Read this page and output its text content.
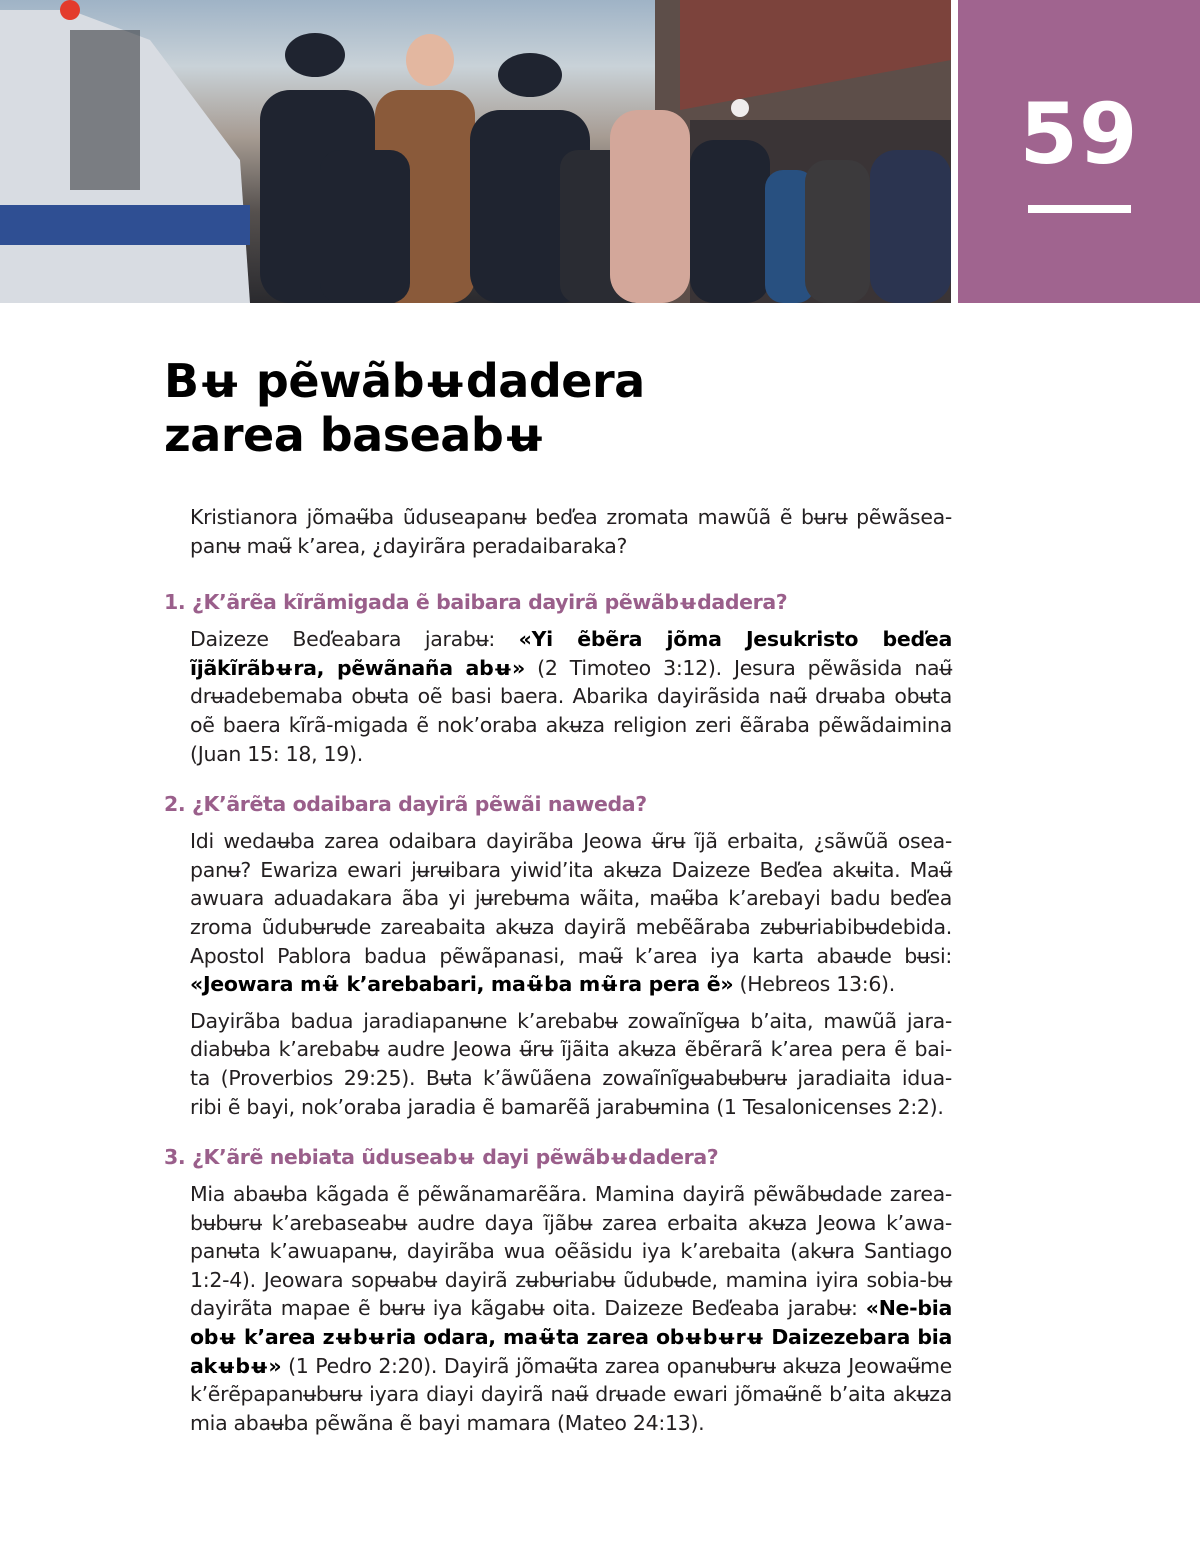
59
Bʉ pẽwãbʉdadera
zarea baseabʉ

Kristianora jõmaʉ̃ba ũduseapanʉ beďea zromata mawũã ẽ bʉrʉ pẽwãsea-panʉ maʉ̃ k’area, ¿dayirãra peradaibaraka?

1. ¿K’ãrẽa kĩrãmigada ẽ baibara dayirã pẽwãbʉdadera?

Daizeze Beďeabara jarabʉ: «Yi ẽbẽra jõma Jesukristo beďea ĩjãkĩrãbʉra, pẽwãnaña abʉ» (2 Timoteo 3:12). Jesura pẽwãsida naʉ̃ drʉadebemaba obʉta oẽ basi baera. Abarika dayirãsida naʉ̃ drʉaba obʉta oẽ baera kĩrã-migada ẽ nok’oraba akʉza religion zeri ẽãraba pẽwãdaimina (Juan 15: 18, 19).

2. ¿K’ãrẽta odaibara dayirã pẽwãi naweda?

Idi wedaʉba zarea odaibara dayirãba Jeowa ʉ̃rʉ ĩjã erbaita, ¿sãwũã osea-panʉ? Ewariza ewari jʉrʉibara yiwid’ita akʉza Daizeze Beďea akʉita. Maʉ̃ awuara aduadakara ãba yi jʉrebʉma wãita, maʉ̃ba k’arebayi badu beďea zroma ũdubʉrʉde zareabaita akʉza dayirã mebẽãraba zʉbʉriabibʉdebida. Apostol Pablora badua pẽwãpanasi, maʉ̃ k’area iya karta abaʉde bʉsi: «Jeowara mʉ̃ k’arebabari, maʉ̃ba mʉ̃ra pera ẽ» (Hebreos 13:6).

Dayirãba badua jaradiapanʉne k’arebabʉ zowaĩnĩgʉa b’aita, mawũã jara-diabʉba k’arebabʉ audre Jeowa ʉ̃rʉ ĩjãita akʉza ẽbẽrarã k’area pera ẽ bai-ta (Proverbios 29:25). Bʉta k’ãwũãena zowaĩnĩgʉabʉbʉrʉ jaradiaita idua-ribi ẽ bayi, nok’oraba jaradia ẽ bamarẽã jarabʉmina (1 Tesalonicenses 2:2).

3. ¿K’ãrẽ nebiata ũduseabʉ dayi pẽwãbʉdadera?

Mia abaʉba kãgada ẽ pẽwãnamarẽãra. Mamina dayirã pẽwãbʉdade zarea-bʉbʉrʉ k’arebaseabʉ audre daya ĩjãbʉ zarea erbaita akʉza Jeowa k’awa-panʉta k’awuapanʉ, dayirãba wua oẽãsidu iya k’arebaita (akʉra Santiago 1:2-4). Jeowara sopʉabʉ dayirã zʉbʉriabʉ ũdubʉde, mamina iyira sobia-bʉ dayirãta mapae ẽ bʉrʉ iya kãgabʉ oita. Daizeze Beďeaba jarabʉ: «Ne-bia obʉ k’area zʉbʉria odara, maʉ̃ta zarea obʉbʉrʉ Daizezebara bia akʉbʉ» (1 Pedro 2:20). Dayirã jõmaʉ̃ta zarea opanʉbʉrʉ akʉza Jeowaʉ̃me k’ẽrẽpapanʉbʉrʉ iyara diayi dayirã naʉ̃ drʉade ewari jõmaʉ̃nẽ b’aita akʉza mia abaʉba pẽwãna ẽ bayi mamara (Mateo 24:13).
